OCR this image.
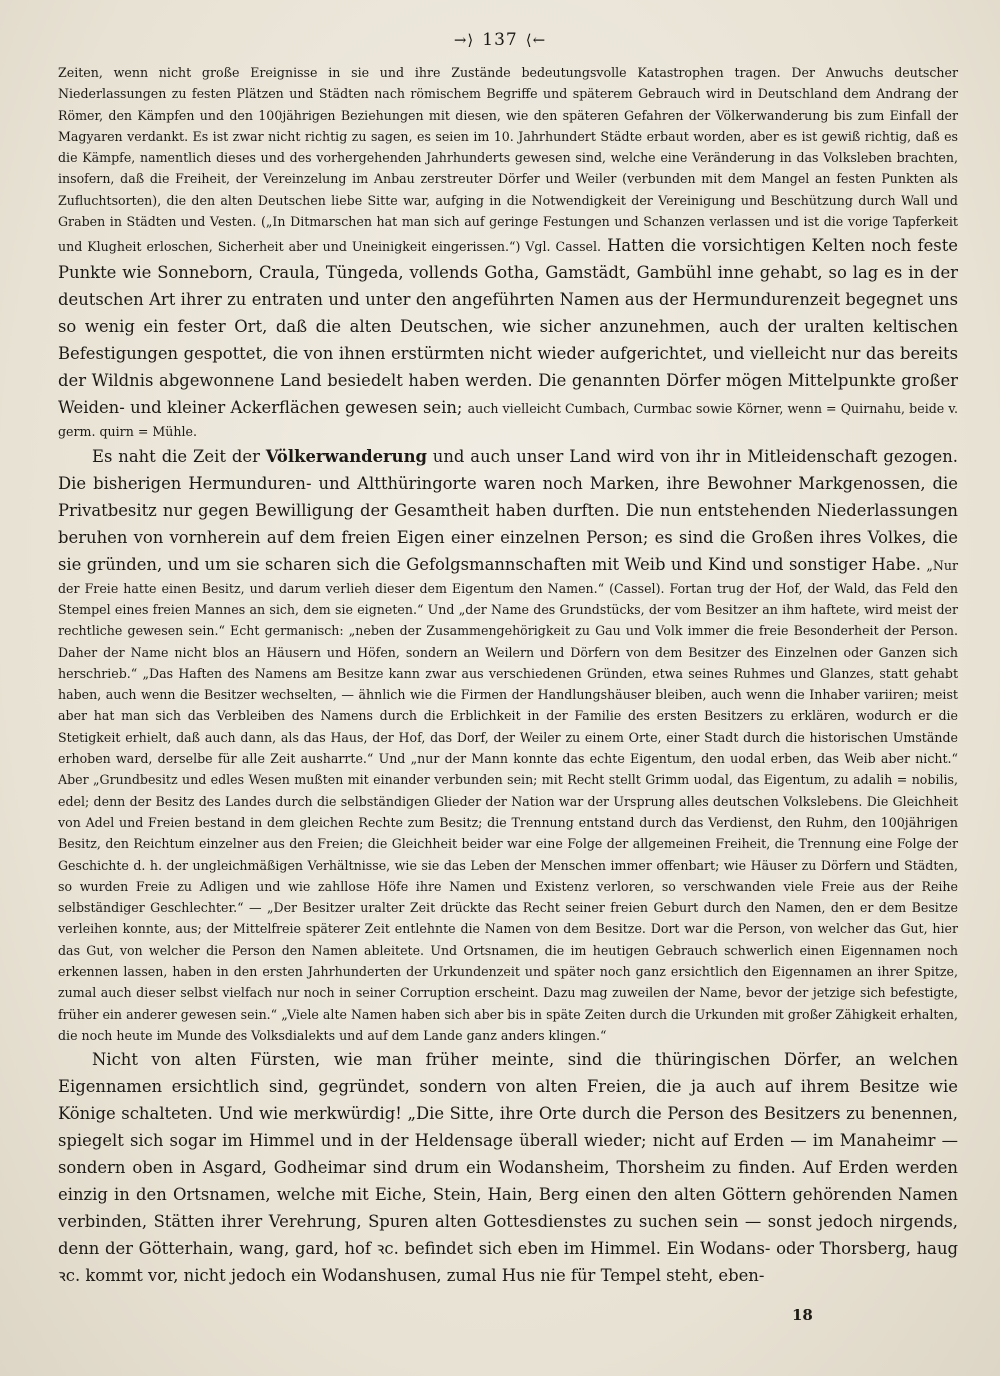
→⟩ 137 ⟨←

Zeiten, wenn nicht große Ereignisse in sie und ihre Zustände bedeutungsvolle Katastrophen tragen. Der Anwuchs deutscher Niederlassungen zu festen Plätzen und Städten nach römischem Begriffe und späterem Gebrauch wird in Deutschland dem Andrang der Römer, den Kämpfen und den 100jährigen Beziehungen mit diesen, wie den späteren Gefahren der Völkerwanderung bis zum Einfall der Magyaren verdankt. Es ist zwar nicht richtig zu sagen, es seien im 10. Jahrhundert Städte erbaut worden, aber es ist gewiß richtig, daß es die Kämpfe, namentlich dieses und des vorhergehenden Jahrhunderts gewesen sind, welche eine Veränderung in das Volksleben brachten, insofern, daß die Freiheit, der Vereinzelung im Anbau zerstreuter Dörfer und Weiler (verbunden mit dem Mangel an festen Punkten als Zufluchtsorten), die den alten Deutschen liebe Sitte war, aufging in die Notwendigkeit der Vereinigung und Beschützung durch Wall und Graben in Städten und Vesten. („In Ditmarschen hat man sich auf geringe Festungen und Schanzen verlassen und ist die vorige Tapferkeit und Klugheit erloschen, Sicherheit aber und Uneinigkeit eingerissen.“) Vgl. Cassel. Hatten die vorsichtigen Kelten noch feste Punkte wie Sonneborn, Craula, Tüngeda, vollends Gotha, Gamstädt, Gambühl inne gehabt, so lag es in der deutschen Art ihrer zu entraten und unter den angeführten Namen aus der Hermundurenzeit begegnet uns so wenig ein fester Ort, daß die alten Deutschen, wie sicher anzunehmen, auch der uralten keltischen Befestigungen gespottet, die von ihnen erstürmten nicht wieder aufgerichtet, und vielleicht nur das bereits der Wildnis abgewonnene Land besiedelt haben werden. Die genannten Dörfer mögen Mittelpunkte großer Weiden- und kleiner Ackerflächen gewesen sein; auch vielleicht Cumbach, Curmbac sowie Körner, wenn = Quirnahu, beide v. germ. quirn = Mühle.

Es naht die Zeit der Völkerwanderung und auch unser Land wird von ihr in Mitleidenschaft gezogen. Die bisherigen Hermunduren- und Altthüringorte waren noch Marken, ihre Bewohner Markgenossen, die Privatbesitz nur gegen Bewilligung der Gesamtheit haben durften. Die nun entstehenden Niederlassungen beruhen von vornherein auf dem freien Eigen einer einzelnen Person; es sind die Großen ihres Volkes, die sie gründen, und um sie scharen sich die Gefolgsmannschaften mit Weib und Kind und sonstiger Habe. „Nur der Freie hatte einen Besitz, und darum verlieh dieser dem Eigentum den Namen.“ (Cassel). Fortan trug der Hof, der Wald, das Feld den Stempel eines freien Mannes an sich, dem sie eigneten.“ Und „der Name des Grundstücks, der vom Besitzer an ihm haftete, wird meist der rechtliche gewesen sein.“ Echt germanisch: „neben der Zusammengehörigkeit zu Gau und Volk immer die freie Besonderheit der Person. Daher der Name nicht blos an Häusern und Höfen, sondern an Weilern und Dörfern von dem Besitzer des Einzelnen oder Ganzen sich herschrieb.“ „Das Haften des Namens am Besitze kann zwar aus verschiedenen Gründen, etwa seines Ruhmes und Glanzes, statt gehabt haben, auch wenn die Besitzer wechselten, — ähnlich wie die Firmen der Handlungshäuser bleiben, auch wenn die Inhaber variiren; meist aber hat man sich das Verbleiben des Namens durch die Erblichkeit in der Familie des ersten Besitzers zu erklären, wodurch er die Stetigkeit erhielt, daß auch dann, als das Haus, der Hof, das Dorf, der Weiler zu einem Orte, einer Stadt durch die historischen Umstände erhoben ward, derselbe für alle Zeit ausharrte.“ Und „nur der Mann konnte das echte Eigentum, den uodal erben, das Weib aber nicht.“ Aber „Grundbesitz und edles Wesen mußten mit einander verbunden sein; mit Recht stellt Grimm uodal, das Eigentum, zu adalih = nobilis, edel; denn der Besitz des Landes durch die selbständigen Glieder der Nation war der Ursprung alles deutschen Volkslebens. Die Gleichheit von Adel und Freien bestand in dem gleichen Rechte zum Besitz; die Trennung entstand durch das Verdienst, den Ruhm, den 100jährigen Besitz, den Reichtum einzelner aus den Freien; die Gleichheit beider war eine Folge der allgemeinen Freiheit, die Trennung eine Folge der Geschichte d. h. der ungleichmäßigen Verhältnisse, wie sie das Leben der Menschen immer offenbart; wie Häuser zu Dörfern und Städten, so wurden Freie zu Adligen und wie zahllose Höfe ihre Namen und Existenz verloren, so verschwanden viele Freie aus der Reihe selbständiger Geschlechter.“ — „Der Besitzer uralter Zeit drückte das Recht seiner freien Geburt durch den Namen, den er dem Besitze verleihen konnte, aus; der Mittelfreie späterer Zeit entlehnte die Namen von dem Besitze. Dort war die Person, von welcher das Gut, hier das Gut, von welcher die Person den Namen ableitete. Und Ortsnamen, die im heutigen Gebrauch schwerlich einen Eigennamen noch erkennen lassen, haben in den ersten Jahrhunderten der Urkundenzeit und später noch ganz ersichtlich den Eigennamen an ihrer Spitze, zumal auch dieser selbst vielfach nur noch in seiner Corruption erscheint. Dazu mag zuweilen der Name, bevor der jetzige sich befestigte, früher ein anderer gewesen sein.“ „Viele alte Namen haben sich aber bis in späte Zeiten durch die Urkunden mit großer Zähigkeit erhalten, die noch heute im Munde des Volksdialekts und auf dem Lande ganz anders klingen.“

Nicht von alten Fürsten, wie man früher meinte, sind die thüringischen Dörfer, an welchen Eigennamen ersichtlich sind, gegründet, sondern von alten Freien, die ja auch auf ihrem Besitze wie Könige schalteten. Und wie merkwürdig! „Die Sitte, ihre Orte durch die Person des Besitzers zu benennen, spiegelt sich sogar im Himmel und in der Heldensage überall wieder; nicht auf Erden — im Manaheimr — sondern oben in Asgard, Godheimar sind drum ein Wodansheim, Thorsheim zu finden. Auf Erden werden einzig in den Ortsnamen, welche mit Eiche, Stein, Hain, Berg einen den alten Göttern gehörenden Namen verbinden, Stätten ihrer Verehrung, Spuren alten Gottesdienstes zu suchen sein — sonst jedoch nirgends, denn der Götterhain, wang, gard, hof ꝛc. befindet sich eben im Himmel. Ein Wodans- oder Thorsberg, haug ꝛc. kommt vor, nicht jedoch ein Wodanshusen, zumal Hus nie für Tempel steht, eben-

18
